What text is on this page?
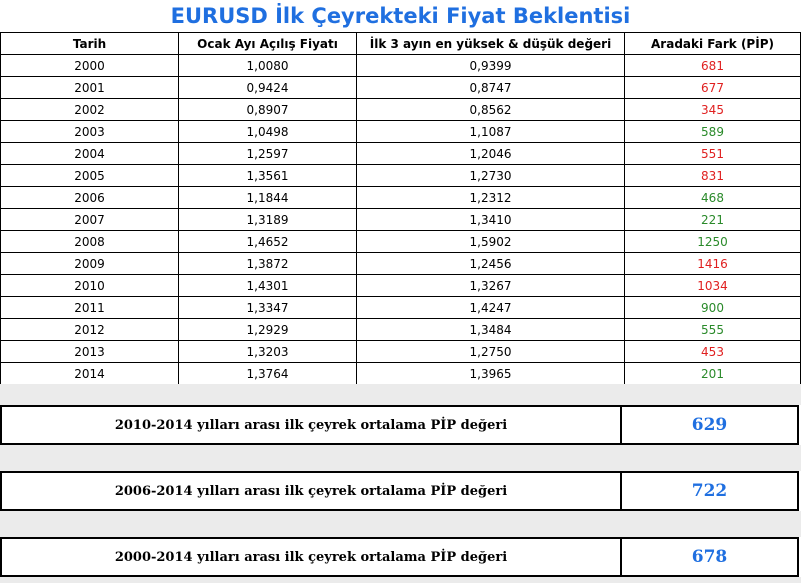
EURUSD İlk Çeyrekteki Fiyat Beklentisi
Tarih	Ocak Ayı Açılış Fiyatı	İlk 3 ayın en yüksek & düşük değeri	Aradaki Fark (PİP)
2000	1,0080	0,9399	681
2001	0,9424	0,8747	677
2002	0,8907	0,8562	345
2003	1,0498	1,1087	589
2004	1,2597	1,2046	551
2005	1,3561	1,2730	831
2006	1,1844	1,2312	468
2007	1,3189	1,3410	221
2008	1,4652	1,5902	1250
2009	1,3872	1,2456	1416
2010	1,4301	1,3267	1034
2011	1,3347	1,4247	900
2012	1,2929	1,3484	555
2013	1,3203	1,2750	453
2014	1,3764	1,3965	201
2010-2014 yılları arası ilk çeyrek ortalama PİP değeri	629
2006-2014 yılları arası ilk çeyrek ortalama PİP değeri	722
2000-2014 yılları arası ilk çeyrek ortalama PİP değeri	678
